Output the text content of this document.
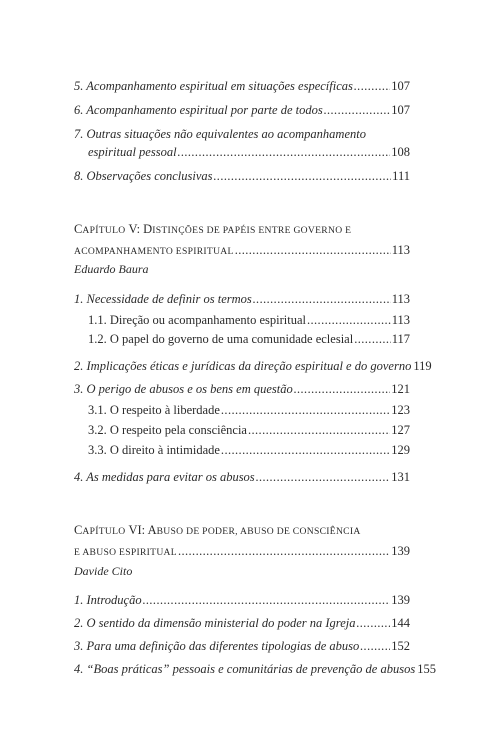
5. Acompanhamento espiritual em situações específicas .....	107
6. Acompanhamento espiritual por parte de todos .....	107
7. Outras situações não equivalentes ao acompanhamento
espiritual pessoal .....	108
8. Observações conclusivas .....	111
CAPÍTULO V: DISTINÇÕES DE PAPÉIS ENTRE GOVERNO E
ACOMPANHAMENTO ESPIRITUAL .....	113
Eduardo Baura
1. Necessidade de definir os termos .....	113
1.1. Direção ou acompanhamento espiritual .....	113
1.2. O papel do governo de uma comunidade eclesial .....	117
2. Implicações éticas e jurídicas da direção espiritual e do governo 119
3. O perigo de abusos e os bens em questão .....	121
3.1. O respeito à liberdade .....	123
3.2. O respeito pela consciência .....	127
3.3. O direito à intimidade .....	129
4. As medidas para evitar os abusos .....	131
CAPÍTULO VI: ABUSO DE PODER, ABUSO DE CONSCIÊNCIA
E ABUSO ESPIRITUAL .....	139
Davide Cito
1. Introdução .....	139
2. O sentido da dimensão ministerial do poder na Igreja .....	144
3. Para uma definição das diferentes tipologias de abuso .....	152
4. “Boas práticas” pessoais e comunitárias de prevenção de abusos 155
